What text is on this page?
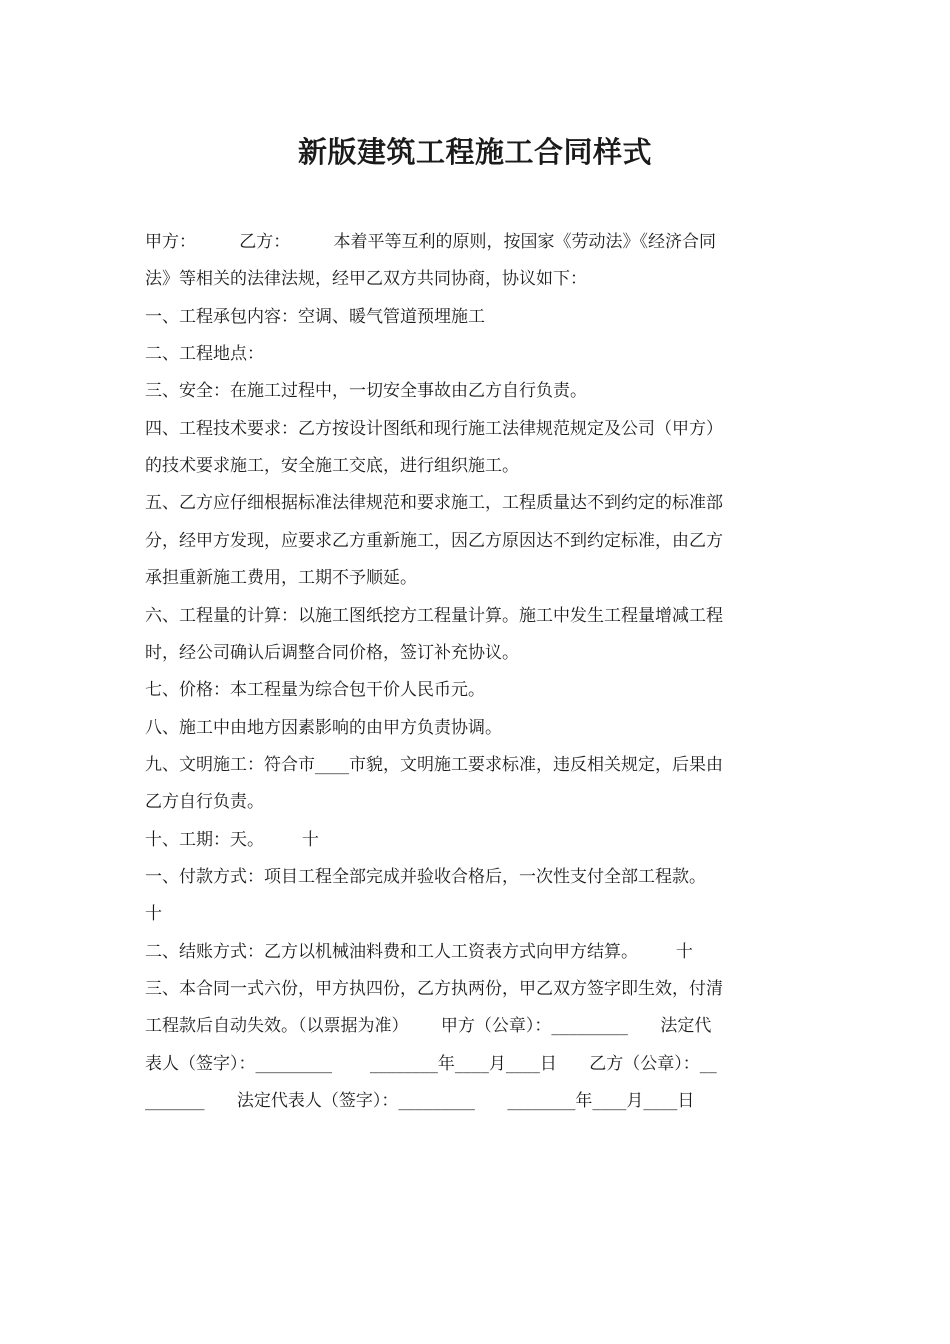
新版建筑工程施工合同样式
甲方：        乙方：        本着平等互利的原则，按国家《劳动法》《经济合同
法》等相关的法律法规，经甲乙双方共同协商，协议如下：
一、工程承包内容：空调、暖气管道预埋施工
二、工程地点：
三、安全：在施工过程中，一切安全事故由乙方自行负责。
四、工程技术要求：乙方按设计图纸和现行施工法律规范规定及公司（甲方）
的技术要求施工，安全施工交底，进行组织施工。
五、乙方应仔细根据标准法律规范和要求施工，工程质量达不到约定的标准部
分，经甲方发现，应要求乙方重新施工，因乙方原因达不到约定标准，由乙方
承担重新施工费用，工期不予顺延。
六、工程量的计算：以施工图纸挖方工程量计算。施工中发生工程量增减工程
时，经公司确认后调整合同价格，签订补充协议。
七、价格：本工程量为综合包干价人民币元。
八、施工中由地方因素影响的由甲方负责协调。
九、文明施工：符合市____市貌，文明施工要求标准，违反相关规定，后果由
乙方自行负责。
十、工期：天。       十
一、付款方式：项目工程全部完成并验收合格后，一次性支付全部工程款。
十
二、结账方式：乙方以机械油料费和工人工资表方式向甲方结算。       十
三、本合同一式六份，甲方执四份，乙方执两份，甲乙双方签字即生效，付清
工程款后自动失效。（以票据为准）      甲方（公章）：_________      法定代
表人（签字）：_________       ________年____月____日      乙方（公章）：__
_______      法定代表人（签字）：_________      ________年____月____日
